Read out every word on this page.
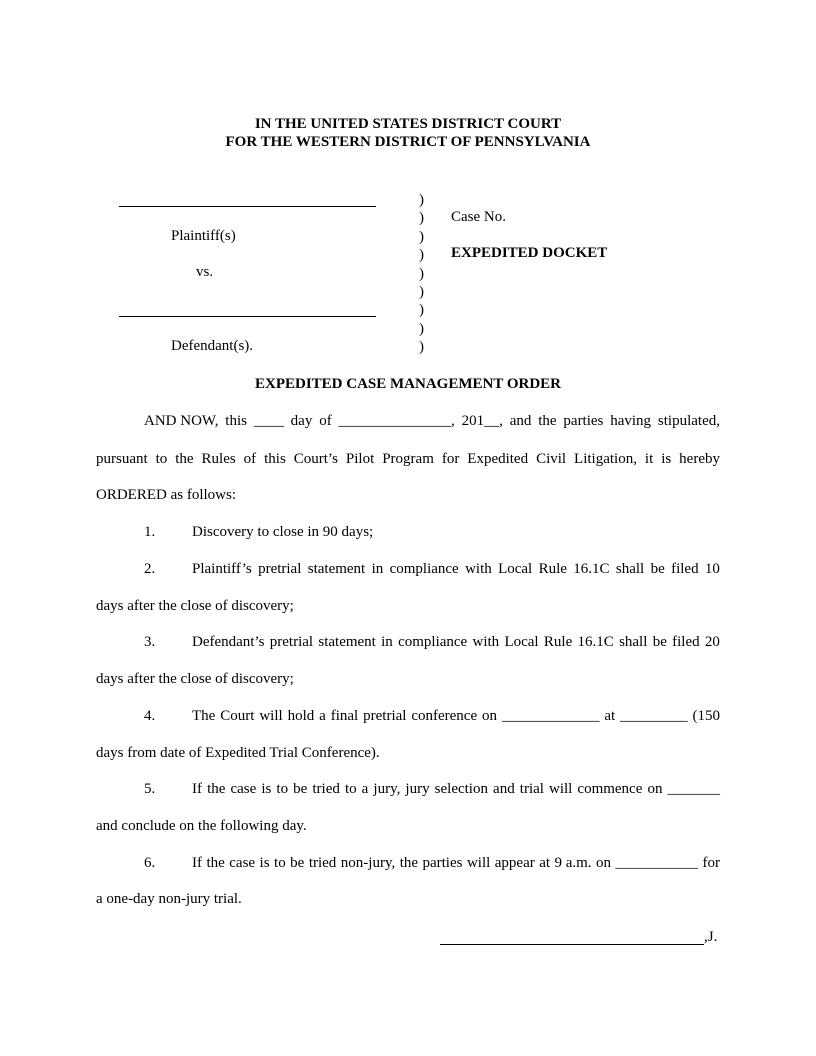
IN THE UNITED STATES DISTRICT COURT
FOR THE WESTERN DISTRICT OF PENNSYLVANIA
Plaintiff(s)
vs.
Defendant(s).
)
)
)
)
)
)
)
)
)
Case No.
EXPEDITED DOCKET
EXPEDITED CASE MANAGEMENT ORDER
AND NOW, this ____ day of _______________, 201__, and the parties having stipulated,
pursuant to the Rules of this Court’s Pilot Program for Expedited Civil Litigation, it is hereby
ORDERED as follows:
1. Discovery to close in 90 days;
2. Plaintiff’s pretrial statement in compliance with Local Rule 16.1C shall be filed 10
days after the close of discovery;
3. Defendant’s pretrial statement in compliance with Local Rule 16.1C shall be filed 20
days after the close of discovery;
4. The Court will hold a final pretrial conference on _____________ at _________ (150
days from date of Expedited Trial Conference).
5. If the case is to be tried to a jury, jury selection and trial will commence on _______
and conclude on the following day.
6. If the case is to be tried non-jury, the parties will appear at 9 a.m. on ___________ for
a one-day non-jury trial.
,J.
